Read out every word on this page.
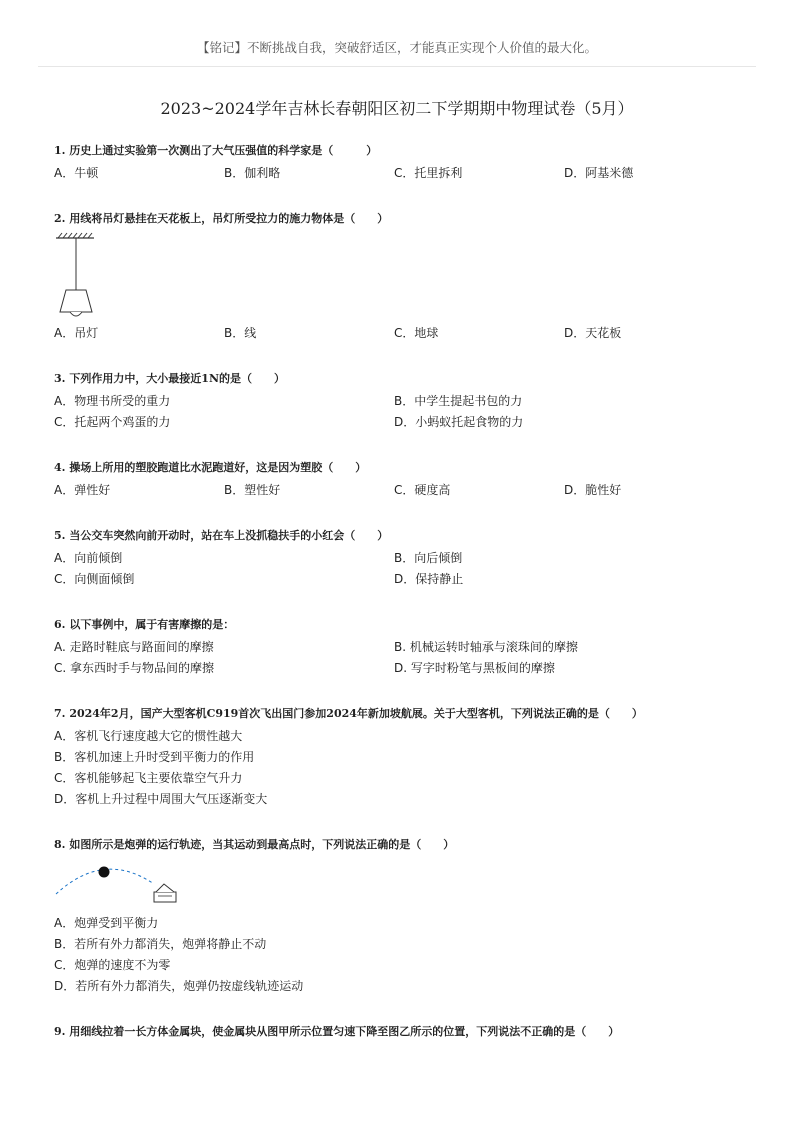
【铭记】不断挑战自我，突破舒适区，才能真正实现个人价值的最大化。
2023~2024学年吉林长春朝阳区初二下学期期中物理试卷（5月）
1. 历史上通过实验第一次测出了大气压强值的科学家是（　　　）
A．牛顿	B．伽利略	C．托里拆利	D．阿基米德
2. 用线将吊灯悬挂在天花板上，吊灯所受拉力的施力物体是（　　）
A．吊灯	B．线	C．地球	D．天花板
3. 下列作用力中，大小最接近1N的是（　　）
A．物理书所受的重力	B．中学生提起书包的力
C．托起两个鸡蛋的力	D．小蚂蚁托起食物的力
4. 操场上所用的塑胶跑道比水泥跑道好，这是因为塑胶（　　）
A．弹性好	B．塑性好	C．硬度高	D．脆性好
5. 当公交车突然向前开动时，站在车上没抓稳扶手的小红会（　　）
A．向前倾倒	B．向后倾倒
C．向侧面倾倒	D．保持静止
6. 以下事例中，属于有害摩擦的是：
A. 走路时鞋底与路面间的摩擦	B. 机械运转时轴承与滚珠间的摩擦
C. 拿东西时手与物品间的摩擦	D. 写字时粉笔与黑板间的摩擦
7. 2024年2月，国产大型客机C919首次飞出国门参加2024年新加坡航展。关于大型客机，下列说法正确的是（　　）
A．客机飞行速度越大它的惯性越大
B．客机加速上升时受到平衡力的作用
C．客机能够起飞主要依靠空气升力
D．客机上升过程中周围大气压逐渐变大
8. 如图所示是炮弹的运行轨迹，当其运动到最高点时，下列说法正确的是（　　）
A．炮弹受到平衡力
B．若所有外力都消失，炮弹将静止不动
C．炮弹的速度不为零
D．若所有外力都消失，炮弹仍按虚线轨迹运动
9. 用细线拉着一长方体金属块，使金属块从图甲所示位置匀速下降至图乙所示的位置，下列说法不正确的是（　　）
